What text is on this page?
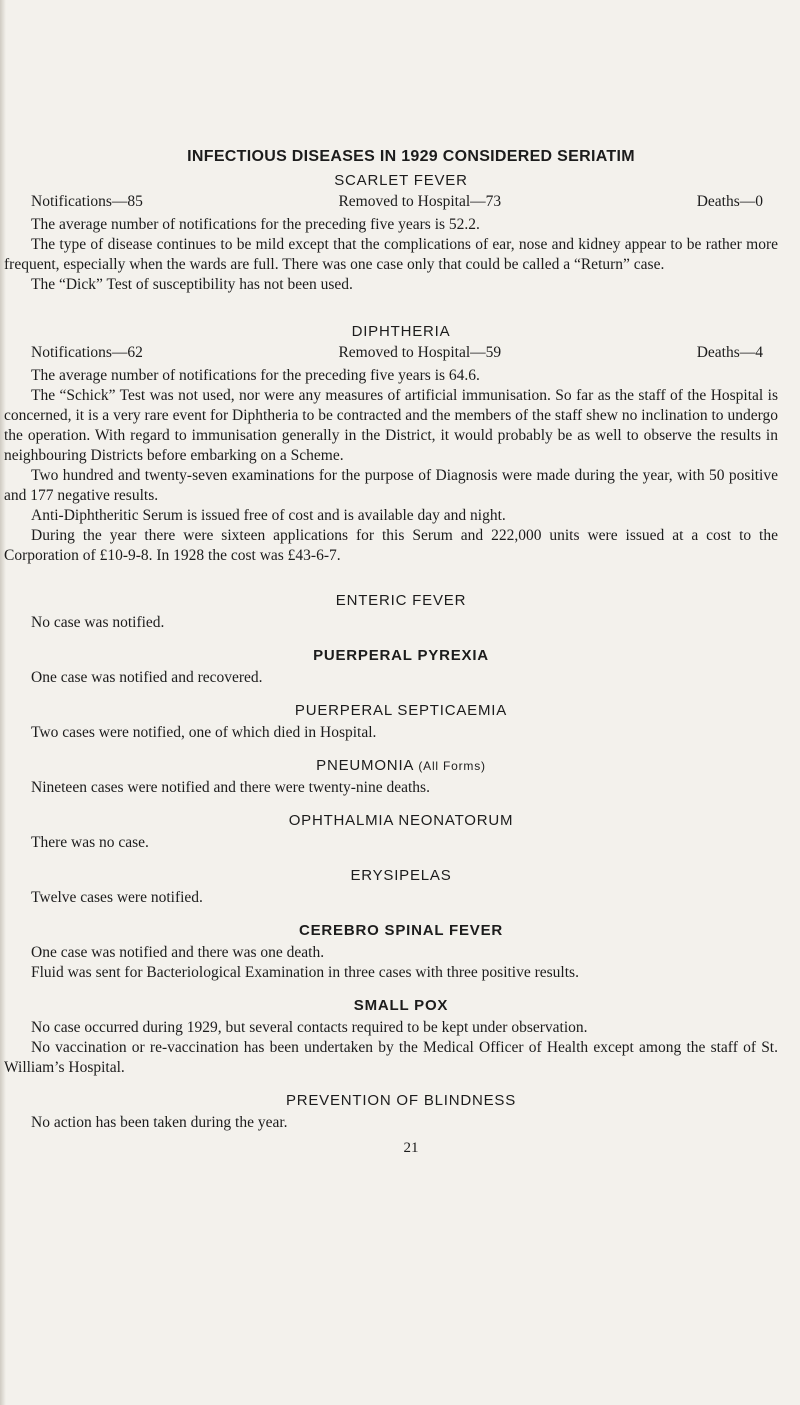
INFECTIOUS DISEASES IN 1929 CONSIDERED SERIATIM
SCARLET FEVER
Notifications—85	Removed to Hospital—73	Deaths—0

The average number of notifications for the preceding five years is 52.2.

The type of disease continues to be mild except that the complications of ear, nose and kidney appear to be rather more frequent, especially when the wards are full. There was one case only that could be called a “Return” case.

The “Dick” Test of susceptibility has not been used.

DIPHTHERIA
Notifications—62	Removed to Hospital—59	Deaths—4

The average number of notifications for the preceding five years is 64.6.

The “Schick” Test was not used, nor were any measures of artificial immunisation. So far as the staff of the Hospital is concerned, it is a very rare event for Diphtheria to be contracted and the members of the staff shew no inclination to undergo the operation. With regard to immunisation generally in the District, it would probably be as well to observe the results in neighbouring Districts before embarking on a Scheme.

Two hundred and twenty-seven examinations for the purpose of Diagnosis were made during the year, with 50 positive and 177 negative results.

Anti-Diphtheritic Serum is issued free of cost and is available day and night.

During the year there were sixteen applications for this Serum and 222,000 units were issued at a cost to the Corporation of £10-9-8. In 1928 the cost was £43-6-7.

ENTERIC FEVER

No case was notified.

PUERPERAL PYREXIA

One case was notified and recovered.

PUERPERAL SEPTICAEMIA

Two cases were notified, one of which died in Hospital.

PNEUMONIA (All Forms)

Nineteen cases were notified and there were twenty-nine deaths.

OPHTHALMIA NEONATORUM

There was no case.

ERYSIPELAS

Twelve cases were notified.

CEREBRO SPINAL FEVER

One case was notified and there was one death.

Fluid was sent for Bacteriological Examination in three cases with three positive results.

SMALL POX

No case occurred during 1929, but several contacts required to be kept under observation.

No vaccination or re-vaccination has been undertaken by the Medical Officer of Health except among the staff of St. William’s Hospital.

PREVENTION OF BLINDNESS

No action has been taken during the year.

21
